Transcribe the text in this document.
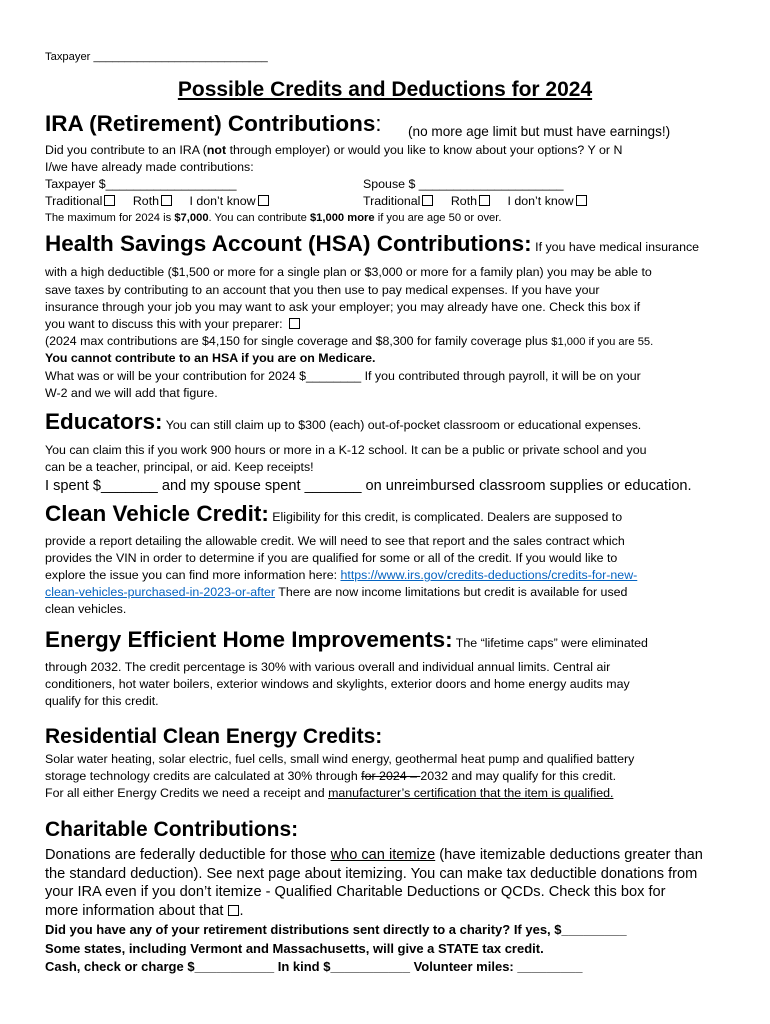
Taxpayer ____________________________
Possible Credits and Deductions for 2024
IRA (Retirement) Contributions: (no more age limit but must have earnings!)
Did you contribute to an IRA (not through employer) or would you like to know about your options? Y or N
I/we have already made contributions:
Taxpayer $___________________	Spouse $ _____________________
Traditional Roth I don’t know	Traditional Roth I don’t know
The maximum for 2024 is $7,000. You can contribute $1,000 more if you are age 50 or over.
Health Savings Account (HSA) Contributions: If you have medical insurance
with a high deductible ($1,500 or more for a single plan or $3,000 or more for a family plan) you may be able to
save taxes by contributing to an account that you then use to pay medical expenses. If you have your
insurance through your job you may want to ask your employer; you may already have one. Check this box if
you want to discuss this with your preparer:
(2024 max contributions are $4,150 for single coverage and $8,300 for family coverage plus $1,000 if you are 55.
You cannot contribute to an HSA if you are on Medicare.
What was or will be your contribution for 2024 $________ If you contributed through payroll, it will be on your
W-2 and we will add that figure.
Educators: You can still claim up to $300 (each) out-of-pocket classroom or educational expenses.
You can claim this if you work 900 hours or more in a K-12 school. It can be a public or private school and you
can be a teacher, principal, or aid. Keep receipts!
I spent $_______ and my spouse spent _______ on unreimbursed classroom supplies or education.
Clean Vehicle Credit: Eligibility for this credit, is complicated. Dealers are supposed to
provide a report detailing the allowable credit. We will need to see that report and the sales contract which
provides the VIN in order to determine if you are qualified for some or all of the credit. If you would like to
explore the issue you can find more information here: https://www.irs.gov/credits-deductions/credits-for-new-
clean-vehicles-purchased-in-2023-or-after There are now income limitations but credit is available for used
clean vehicles.
Energy Efficient Home Improvements: The “lifetime caps” were eliminated
through 2032. The credit percentage is 30% with various overall and individual annual limits. Central air
conditioners, hot water boilers, exterior windows and skylights, exterior doors and home energy audits may
qualify for this credit.
Residential Clean Energy Credits:
Solar water heating, solar electric, fuel cells, small wind energy, geothermal heat pump and qualified battery
storage technology credits are calculated at 30% through for 2024 – 2032 and may qualify for this credit.
For all either Energy Credits we need a receipt and manufacturer’s certification that the item is qualified.
Charitable Contributions:
Donations are federally deductible for those who can itemize (have itemizable deductions greater than
the standard deduction). See next page about itemizing. You can make tax deductible donations from
your IRA even if you don’t itemize - Qualified Charitable Deductions or QCDs. Check this box for
more information about that .
Did you have any of your retirement distributions sent directly to a charity? If yes, $_________
Some states, including Vermont and Massachusetts, will give a STATE tax credit.
Cash, check or charge $___________ In kind $___________ Volunteer miles: _________
